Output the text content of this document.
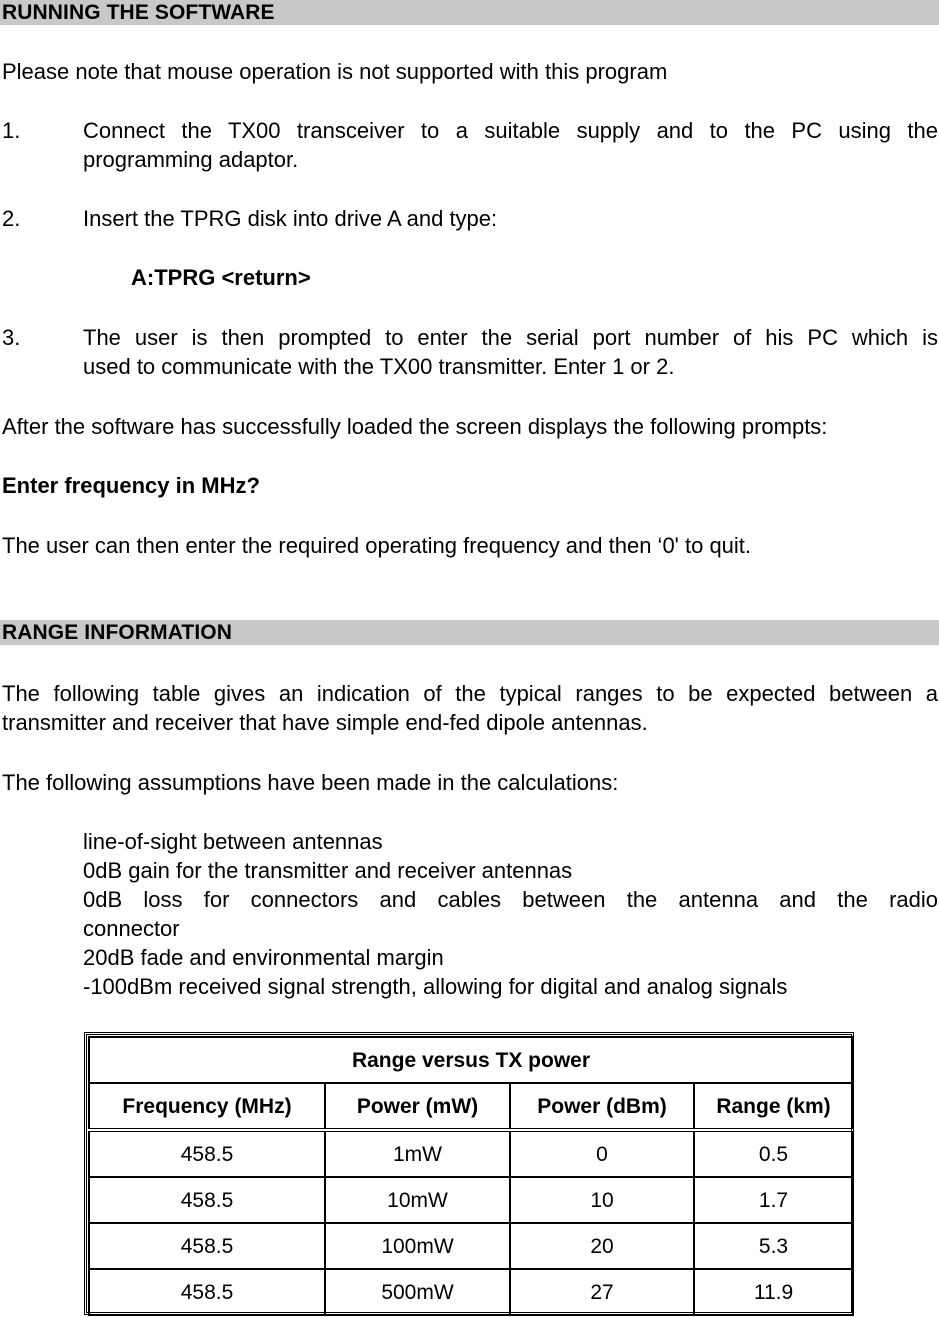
RUNNING THE SOFTWARE
Please note that mouse operation is not supported with this program
1.	Connect the TX00 transceiver to a suitable supply and to the PC using the
programming adaptor.
2.	Insert the TPRG disk into drive A and type:
A:TPRG <return>
3.	The user is then prompted to enter the serial port number of his PC which is
used to communicate with the TX00 transmitter. Enter 1 or 2.
After the software has successfully loaded the screen displays the following prompts:
Enter frequency in MHz?
The user can then enter the required operating frequency and then ‘0' to quit.
RANGE INFORMATION
The following table gives an indication of the typical ranges to be expected between a
transmitter and receiver that have simple end-fed dipole antennas.
The following assumptions have been made in the calculations:
line-of-sight between antennas
0dB gain for the transmitter and receiver antennas
0dB loss for connectors and cables between the antenna and the radio
connector
20dB fade and environmental margin
-100dBm received signal strength, allowing for digital and analog signals
Range versus TX power			
Frequency (MHz)	Power (mW)	Power (dBm)	Range (km)
458.5	1mW	0	0.5
458.5	10mW	10	1.7
458.5	100mW	20	5.3
458.5	500mW	27	11.9
